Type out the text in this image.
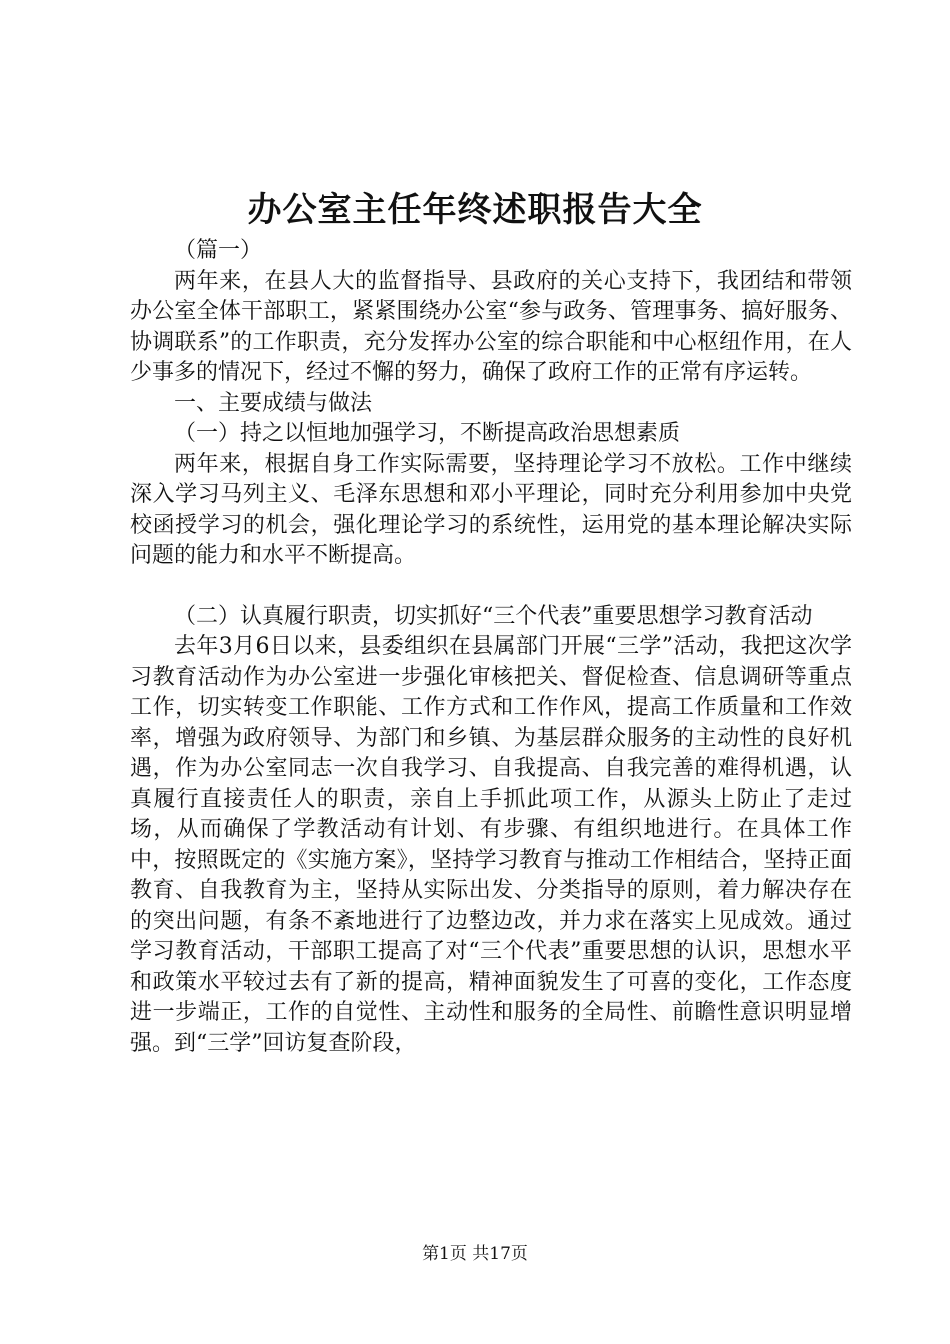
办公室主任年终述职报告大全

（篇一）

两年来，在县人大的监督指导、县政府的关心支持下，我团结和带领办公室全体干部职工，紧紧围绕办公室“参与政务、管理事务、搞好服务、协调联系”的工作职责，充分发挥办公室的综合职能和中心枢纽作用，在人少事多的情况下，经过不懈的努力，确保了政府工作的正常有序运转。

一、主要成绩与做法

（一）持之以恒地加强学习，不断提高政治思想素质

两年来，根据自身工作实际需要，坚持理论学习不放松。工作中继续深入学习马列主义、毛泽东思想和邓小平理论，同时充分利用参加中央党校函授学习的机会，强化理论学习的系统性，运用党的基本理论解决实际问题的能力和水平不断提高。

（二）认真履行职责，切实抓好“三个代表”重要思想学习教育活动

去年3月6日以来，县委组织在县属部门开展“三学”活动，我把这次学习教育活动作为办公室进一步强化审核把关、督促检查、信息调研等重点工作，切实转变工作职能、工作方式和工作作风，提高工作质量和工作效率，增强为政府领导、为部门和乡镇、为基层群众服务的主动性的良好机遇，作为办公室同志一次自我学习、自我提高、自我完善的难得机遇，认真履行直接责任人的职责，亲自上手抓此项工作，从源头上防止了走过场，从而确保了学教活动有计划、有步骤、有组织地进行。在具体工作中，按照既定的《实施方案》，坚持学习教育与推动工作相结合，坚持正面教育、自我教育为主，坚持从实际出发、分类指导的原则，着力解决存在的突出问题，有条不紊地进行了边整边改，并力求在落实上见成效。通过学习教育活动，干部职工提高了对“三个代表”重要思想的认识，思想水平和政策水平较过去有了新的提高，精神面貌发生了可喜的变化，工作态度进一步端正，工作的自觉性、主动性和服务的全局性、前瞻性意识明显增强。到“三学”回访复查阶段，

第1页 共17页
